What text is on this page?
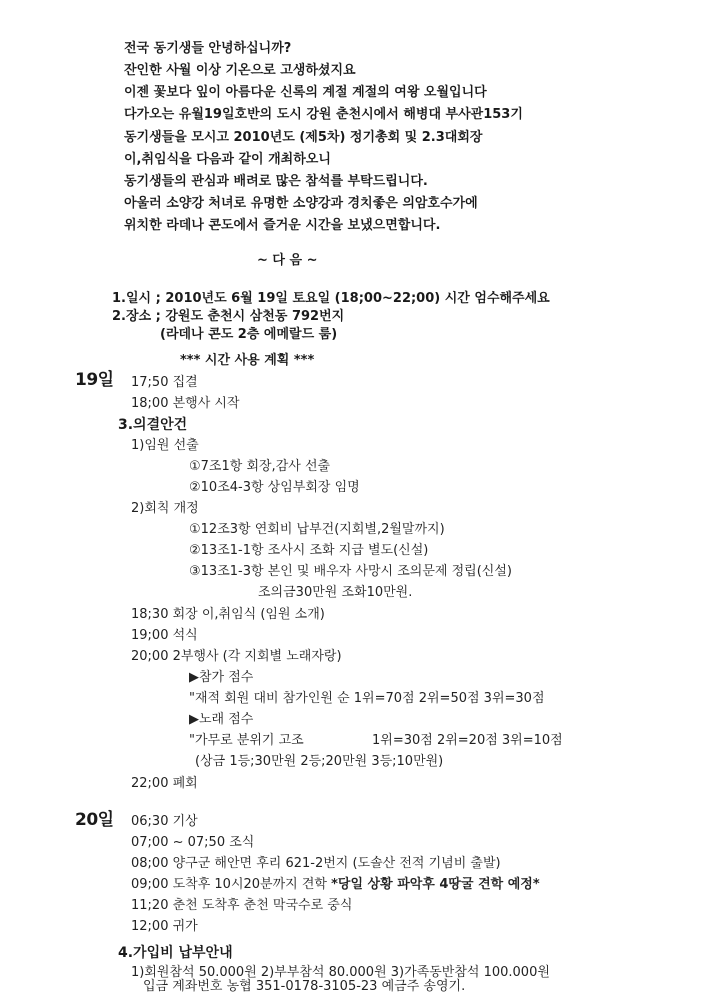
전국 동기생들 안녕하십니까?
잔인한 사월 이상 기온으로 고생하셨지요
이젠 꽃보다 잎이 아름다운 신록의 계절 계절의 여왕 오월입니다
다가오는 유월19일호반의 도시 강원 춘천시에서 해병대 부사관153기
동기생들을 모시고 2010년도 (제5차) 정기총회 및 2.3대회장
이,취임식을 다음과 같이 개최하오니
동기생들의 관심과 배려로 많은 참석를 부탁드립니다.
아울러 소양강 처녀로 유명한 소양강과 경치좋은 의암호수가에
위치한 라데나 콘도에서 즐거운 시간을 보냈으면합니다.
~ 다 음 ~
1.일시 ; 2010년도 6월 19일 토요일 (18;00~22;00) 시간 엄수해주세요
2.장소 ; 강원도 춘천시 삼천동 792번지
(라데나 콘도 2층 에메랄드 룸)
*** 시간 사용 계획 ***
19일 17;50 집결
18;00 본행사 시작
3.의결안건
1)임원 선출
①7조1항 회장,감사 선출
②10조4-3항 상임부회장 임명
2)회칙 개정
①12조3항 연회비 납부건(지회별,2월말까지)
②13조1-1항 조사시 조화 지급 별도(신설)
③13조1-3항 본인 및 배우자 사망시 조의문제 정립(신설)
조의금30만원 조화10만원.
18;30 회장 이,취임식 (임원 소개)
19;00 석식
20;00 2부행사 (각 지회별 노래자랑)
▶참가 점수
"재적 회원 대비 참가인원 순 1위=70점 2위=50점 3위=30점
▶노래 점수
"가무로 분위기 고조	1위=30점 2위=20점 3위=10점
(상금 1등;30만원 2등;20만원 3등;10만원)
22;00 폐회
20일 06;30 기상
07;00 ~ 07;50 조식
08;00 양구군 해안면 후리 621-2번지 (도솔산 전적 기념비 출발)
09;00 도착후 10시20분까지 견학 *당일 상황 파악후 4땅굴 견학 예정*
11;20 춘천 도착후 춘천 막국수로 중식
12;00 귀가
4.가입비 납부안내
1)회원참석 50.000원 2)부부참석 80.000원 3)가족동반참석 100.000원
입금 계좌번호 농협 351-0178-3105-23 예금주 송영기.
